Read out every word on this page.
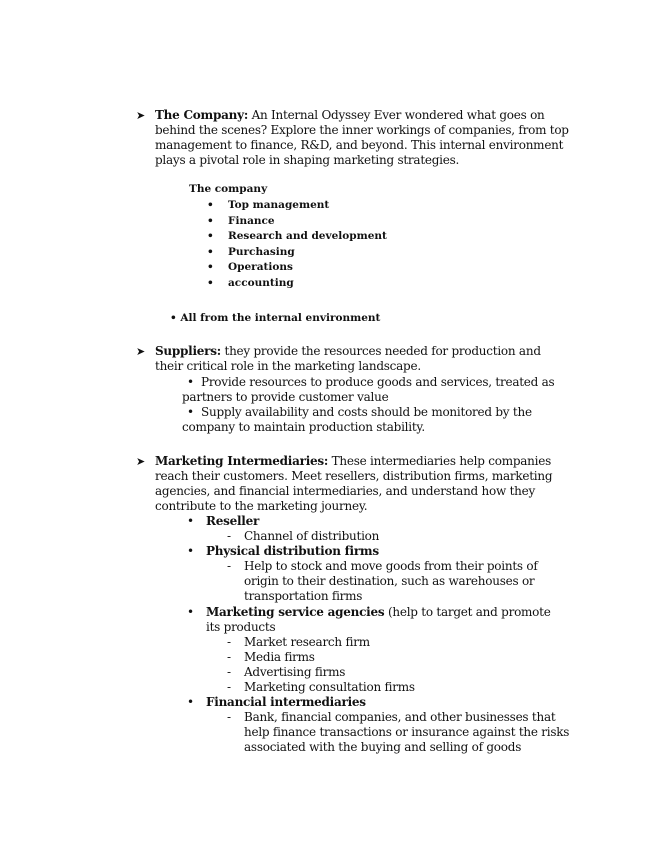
➤ The Company: An Internal Odyssey Ever wondered what goes on behind the scenes? Explore the inner workings of companies, from top management to finance, R&D, and beyond. This internal environment plays a pivotal role in shaping marketing strategies.
The company
• Top management
• Finance
• Research and development
• Purchasing
• Operations
• accounting
• All from the internal environment
➤ Suppliers: they provide the resources needed for production and their critical role in the marketing landscape.
• Provide resources to produce goods and services, treated as partners to provide customer value
• Supply availability and costs should be monitored by the company to maintain production stability.
➤ Marketing Intermediaries: These intermediaries help companies reach their customers. Meet resellers, distribution firms, marketing agencies, and financial intermediaries, and understand how they contribute to the marketing journey.
• Reseller
- Channel of distribution
• Physical distribution firms
- Help to stock and move goods from their points of origin to their destination, such as warehouses or transportation firms
• Marketing service agencies (help to target and promote its products
- Market research firm
- Media firms
- Advertising firms
- Marketing consultation firms
• Financial intermediaries
- Bank, financial companies, and other businesses that help finance transactions or insurance against the risks associated with the buying and selling of goods
